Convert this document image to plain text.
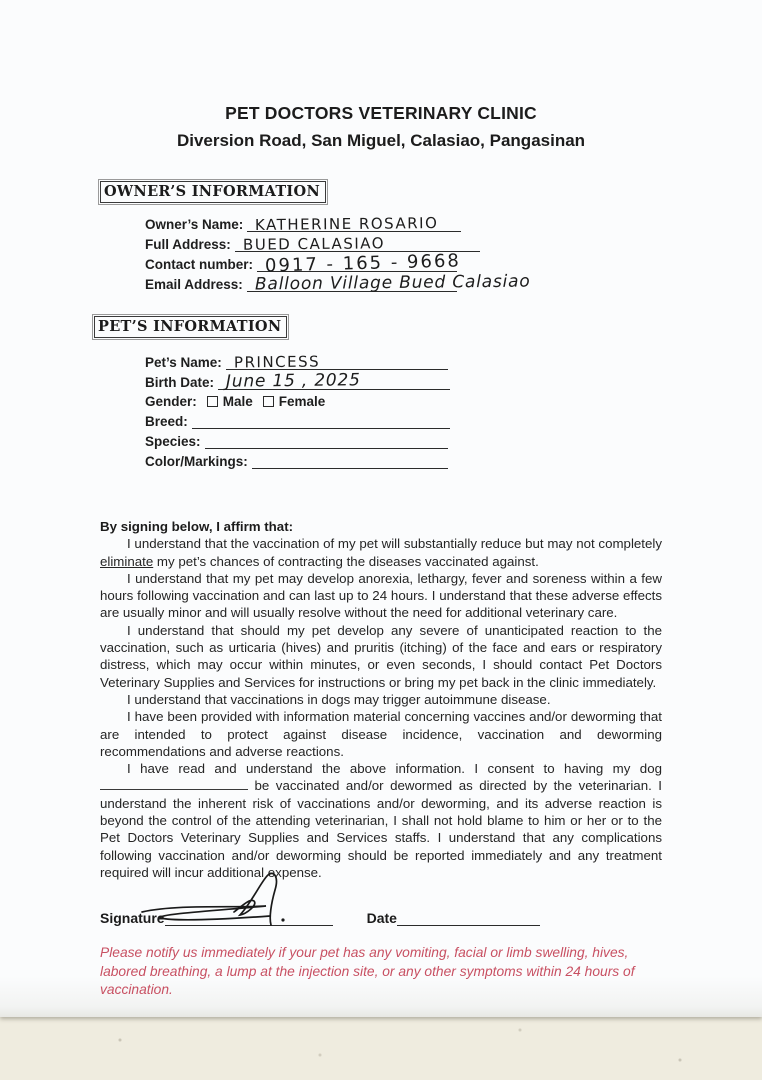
PET DOCTORS VETERINARY CLINIC
Diversion Road, San Miguel, Calasiao, Pangasinan
OWNER’S INFORMATION
Owner’s Name: KATHERINE ROSARIO
Full Address: BUED CALASIAO
Contact number: 0917 - 165 - 9668
Email Address: Balloon Village Bued Calasiao
PET’S INFORMATION
Pet’s Name: PRINCESS
Birth Date: June 15 , 2025
Gender: Male Female
Breed:
Species:
Color/Markings:

By signing below, I affirm that:

I understand that the vaccination of my pet will substantially reduce but may not completely eliminate my pet’s chances of contracting the diseases vaccinated against.

I understand that my pet may develop anorexia, lethargy, fever and soreness within a few hours following vaccination and can last up to 24 hours. I understand that these adverse effects are usually minor and will usually resolve without the need for additional veterinary care.

I understand that should my pet develop any severe of unanticipated reaction to the vaccination, such as urticaria (hives) and pruritis (itching) of the face and ears or respiratory distress, which may occur within minutes, or even seconds, I should contact Pet Doctors Veterinary Supplies and Services for instructions or bring my pet back in the clinic immediately.

I understand that vaccinations in dogs may trigger autoimmune disease.

I have been provided with information material concerning vaccines and/or deworming that are intended to protect against disease incidence, vaccination and deworming recommendations and adverse reactions.

I have read and understand the above information. I consent to having my dog  be vaccinated and/or dewormed as directed by the veterinarian. I understand the inherent risk of vaccinations and/or deworming, and its adverse reaction is beyond the control of the attending veterinarian, I shall not hold blame to him or her or to the Pet Doctors Veterinary Supplies and Services staffs. I understand that any complications following vaccination and/or deworming should be reported immediately and any treatment required will incur additional expense.

Signature	Date
Please notify us immediately if your pet has any vomiting, facial or limb swelling, hives, labored breathing, a lump at the injection site, or any other symptoms within 24 hours of vaccination.
